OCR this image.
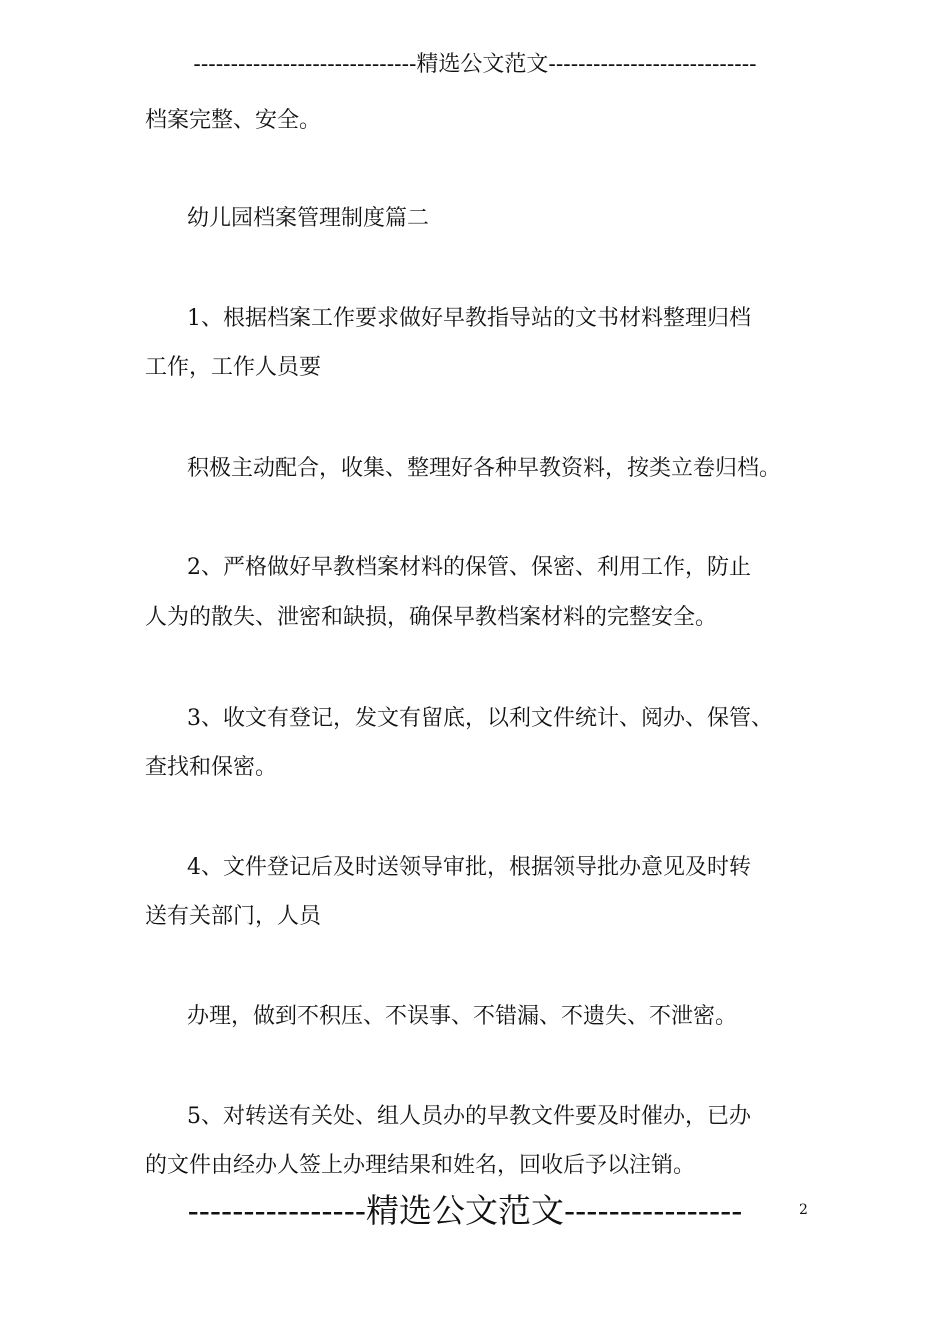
------------------------------精选公文范文----------------------------
档案完整、安全。
幼儿园档案管理制度篇二
1、根据档案工作要求做好早教指导站的文书材料整理归档
工作，工作人员要
积极主动配合，收集、整理好各种早教资料，按类立卷归档。
2、严格做好早教档案材料的保管、保密、利用工作，防止
人为的散失、泄密和缺损，确保早教档案材料的完整安全。
3、收文有登记，发文有留底，以利文件统计、阅办、保管、
查找和保密。
4、文件登记后及时送领导审批，根据领导批办意见及时转
送有关部门，人员
办理，做到不积压、不误事、不错漏、不遗失、不泄密。
5、对转送有关处、组人员办的早教文件要及时催办，已办
的文件由经办人签上办理结果和姓名，回收后予以注销。
----------------精选公文范文----------------	2
